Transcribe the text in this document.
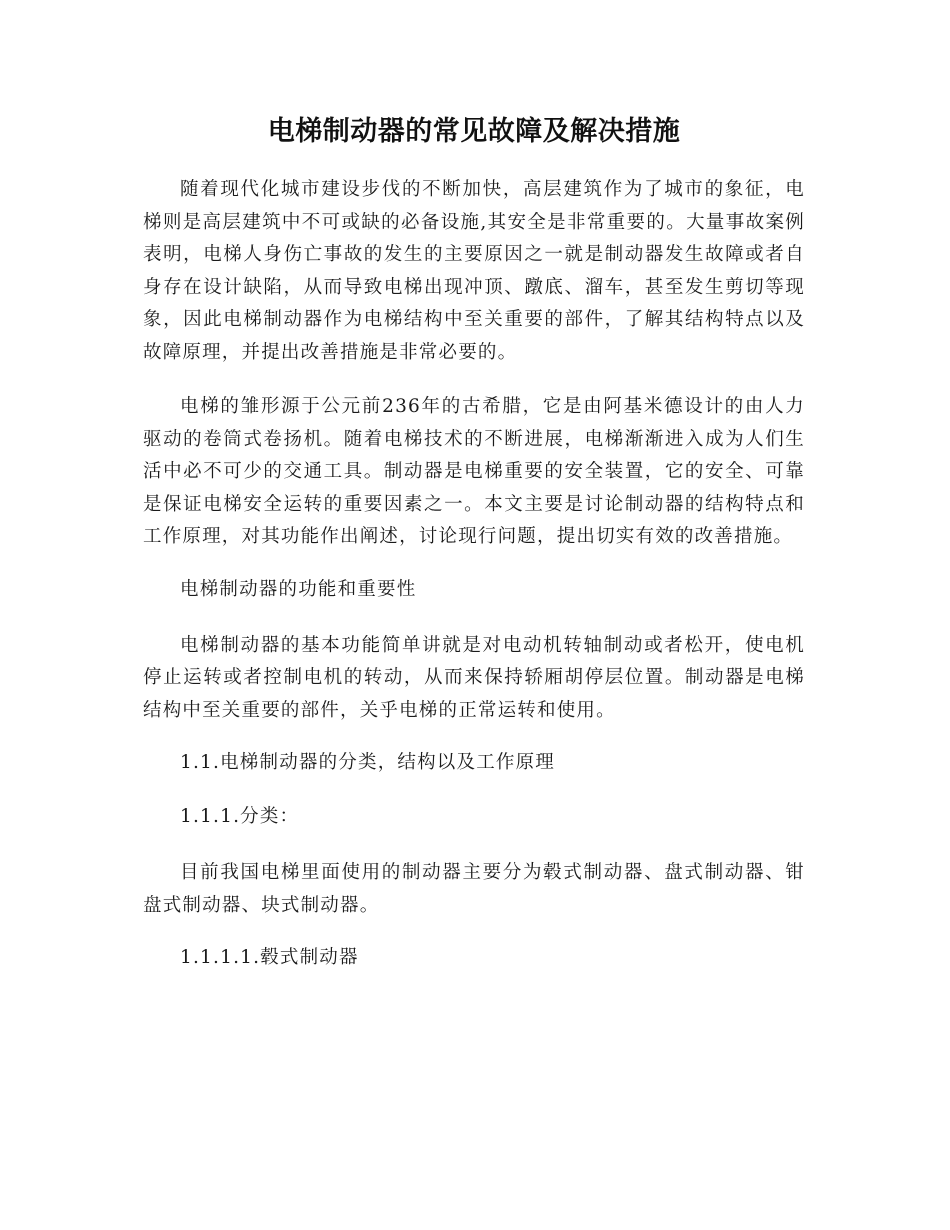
电梯制动器的常见故障及解决措施

随着现代化城市建设步伐的不断加快，高层建筑作为了城市的象征，电梯则是高层建筑中不可或缺的必备设施,其安全是非常重要的。大量事故案例表明，电梯人身伤亡事故的发生的主要原因之一就是制动器发生故障或者自身存在设计缺陷，从而导致电梯出现冲顶、蹾底、溜车，甚至发生剪切等现象，因此电梯制动器作为电梯结构中至关重要的部件，了解其结构特点以及故障原理，并提出改善措施是非常必要的。

电梯的雏形源于公元前236年的古希腊，它是由阿基米德设计的由人力驱动的卷筒式卷扬机。随着电梯技术的不断进展，电梯渐渐进入成为人们生活中必不可少的交通工具。制动器是电梯重要的安全装置，它的安全、可靠是保证电梯安全运转的重要因素之一。本文主要是讨论制动器的结构特点和工作原理，对其功能作出阐述，讨论现行问题，提出切实有效的改善措施。

电梯制动器的功能和重要性

电梯制动器的基本功能简单讲就是对电动机转轴制动或者松开，使电机停止运转或者控制电机的转动，从而来保持轿厢胡停层位置。制动器是电梯结构中至关重要的部件，关乎电梯的正常运转和使用。

1.1.电梯制动器的分类，结构以及工作原理

1.1.1.分类：

目前我国电梯里面使用的制动器主要分为毂式制动器、盘式制动器、钳盘式制动器、块式制动器。

1.1.1.1.毂式制动器
